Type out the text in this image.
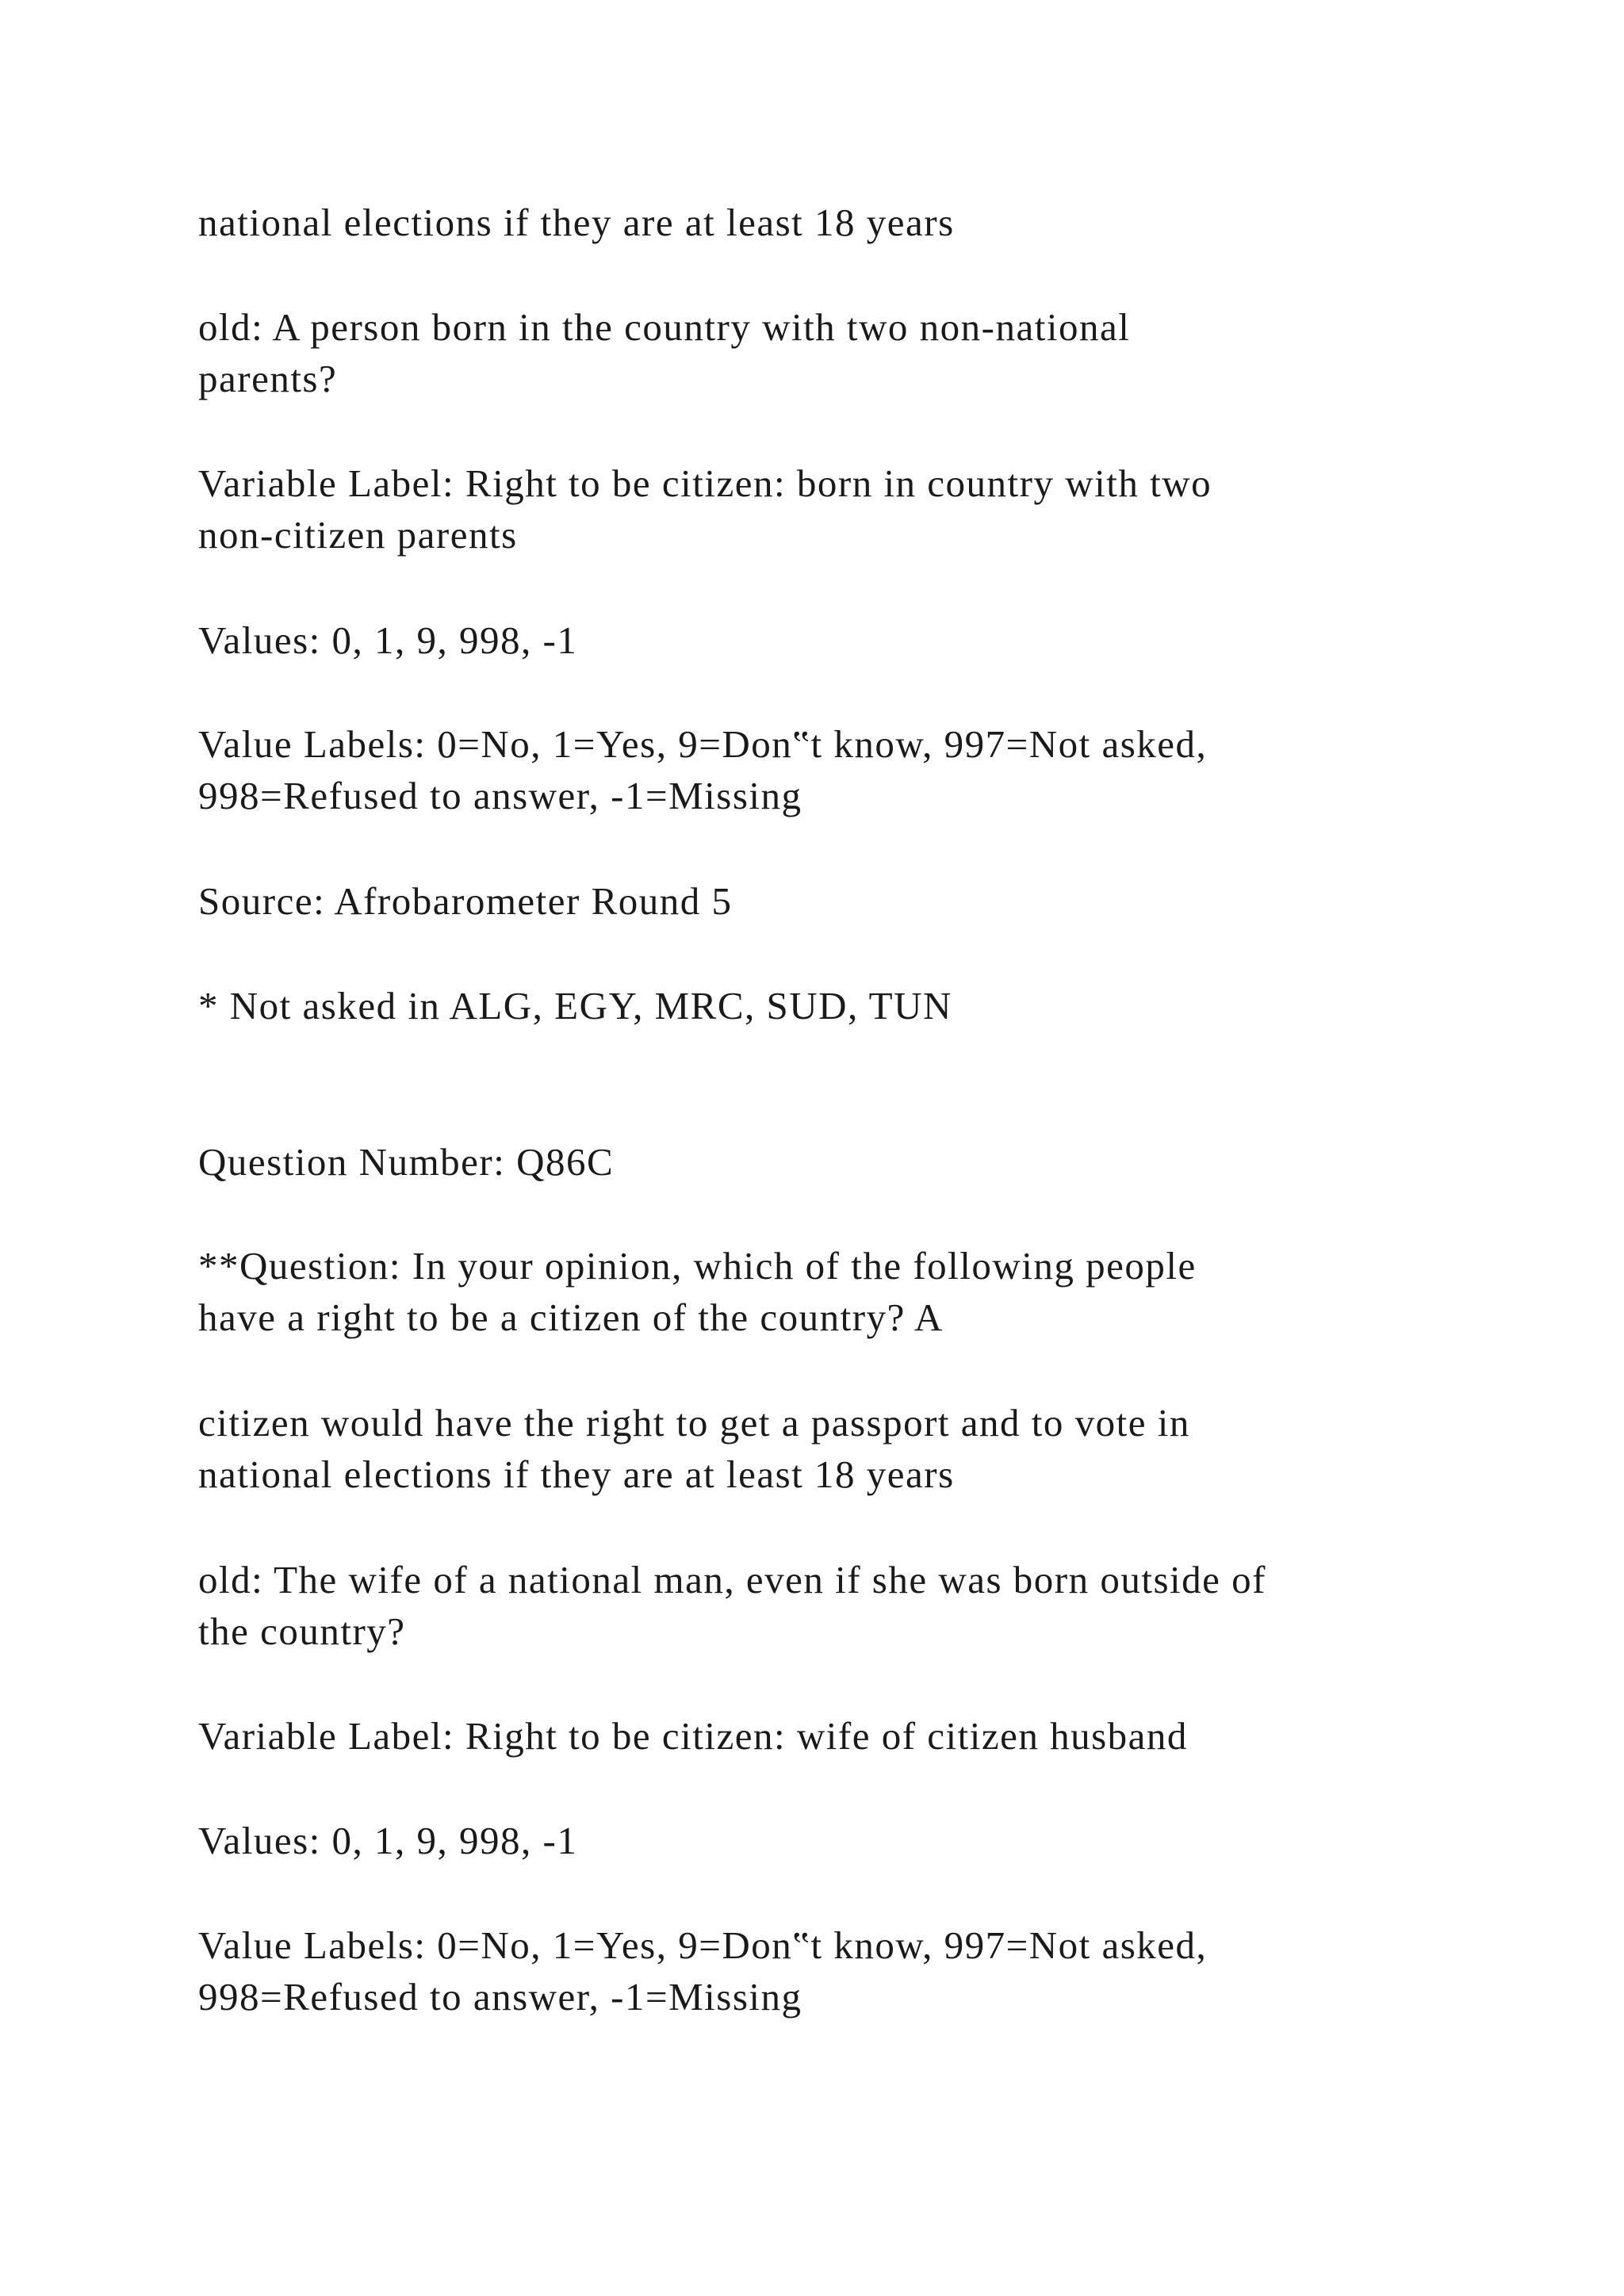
national elections if they are at least 18 years

old: A person born in the country with two non-national
parents?

Variable Label: Right to be citizen: born in country with two
non-citizen parents

Values: 0, 1, 9, 998, -1

Value Labels: 0=No, 1=Yes, 9=Don‟t know, 997=Not asked,
998=Refused to answer, -1=Missing

Source: Afrobarometer Round 5

* Not asked in ALG, EGY, MRC, SUD, TUN

Question Number: Q86C

**Question: In your opinion, which of the following people
have a right to be a citizen of the country? A

citizen would have the right to get a passport and to vote in
national elections if they are at least 18 years

old: The wife of a national man, even if she was born outside of
the country?

Variable Label: Right to be citizen: wife of citizen husband

Values: 0, 1, 9, 998, -1

Value Labels: 0=No, 1=Yes, 9=Don‟t know, 997=Not asked,
998=Refused to answer, -1=Missing
